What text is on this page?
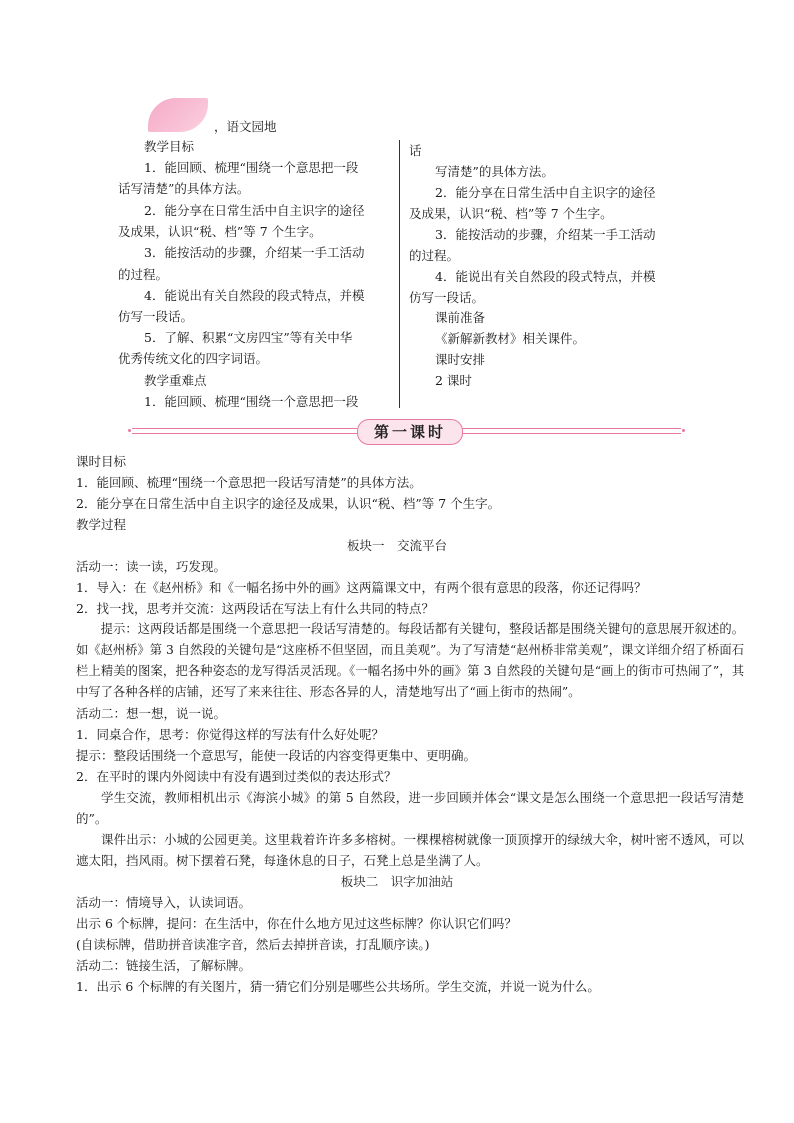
，语文园地
教学目标
1．能回顾、梳理“围绕一个意思把一段
话写清楚”的具体方法。
2．能分享在日常生活中自主识字的途径
及成果，认识“税、档”等 7 个生字。
3．能按活动的步骤，介绍某一手工活动
的过程。
4．能说出有关自然段的段式特点，并模
仿写一段话。
5．了解、积累“文房四宝”等有关中华
优秀传统文化的四字词语。
教学重难点
1．能回顾、梳理“围绕一个意思把一段
话
写清楚”的具体方法。
2．能分享在日常生活中自主识字的途径
及成果，认识“税、档”等 7 个生字。
3．能按活动的步骤，介绍某一手工活动
的过程。
4．能说出有关自然段的段式特点，并模
仿写一段话。
课前准备
《新解新教材》相关课件。
课时安排
2 课时
第一课时
课时目标
1．能回顾、梳理“围绕一个意思把一段话写清楚”的具体方法。
2．能分享在日常生活中自主识字的途径及成果，认识“税、档”等 7 个生字。
教学过程
板块一　交流平台
活动一：读一读，巧发现。
1．导入：在《赵州桥》和《一幅名扬中外的画》这两篇课文中，有两个很有意思的段落，你还记得吗？
2．找一找，思考并交流：这两段话在写法上有什么共同的特点？

提示：这两段话都是围绕一个意思把一段话写清楚的。每段话都有关键句，整段话都是围绕关键句的意思展开叙述的。如《赵州桥》第 3 自然段的关键句是“这座桥不但坚固，而且美观”。为了写清楚“赵州桥非常美观”，课文详细介绍了桥面石栏上精美的图案，把各种姿态的龙写得活灵活现。《一幅名扬中外的画》第 3 自然段的关键句是“画上的街市可热闹了”，其中写了各种各样的店铺，还写了来来往往、形态各异的人，清楚地写出了“画上街市的热闹”。

活动二：想一想，说一说。
1．同桌合作，思考：你觉得这样的写法有什么好处呢？
提示：整段话围绕一个意思写，能使一段话的内容变得更集中、更明确。
2．在平时的课内外阅读中有没有遇到过类似的表达形式？

学生交流，教师相机出示《海滨小城》的第 5 自然段，进一步回顾并体会“课文是怎么围绕一个意思把一段话写清楚的”。

课件出示：小城的公园更美。这里栽着许许多多榕树。一棵棵榕树就像一顶顶撑开的绿绒大伞，树叶密不透风，可以遮太阳，挡风雨。树下摆着石凳，每逢休息的日子，石凳上总是坐满了人。

板块二　识字加油站
活动一：情境导入，认读词语。
出示 6 个标牌，提问：在生活中，你在什么地方见过这些标牌？你认识它们吗？
(自读标牌，借助拼音读准字音，然后去掉拼音读，打乱顺序读。)
活动二：链接生活，了解标牌。
1．出示 6 个标牌的有关图片，猜一猜它们分别是哪些公共场所。学生交流，并说一说为什么。
